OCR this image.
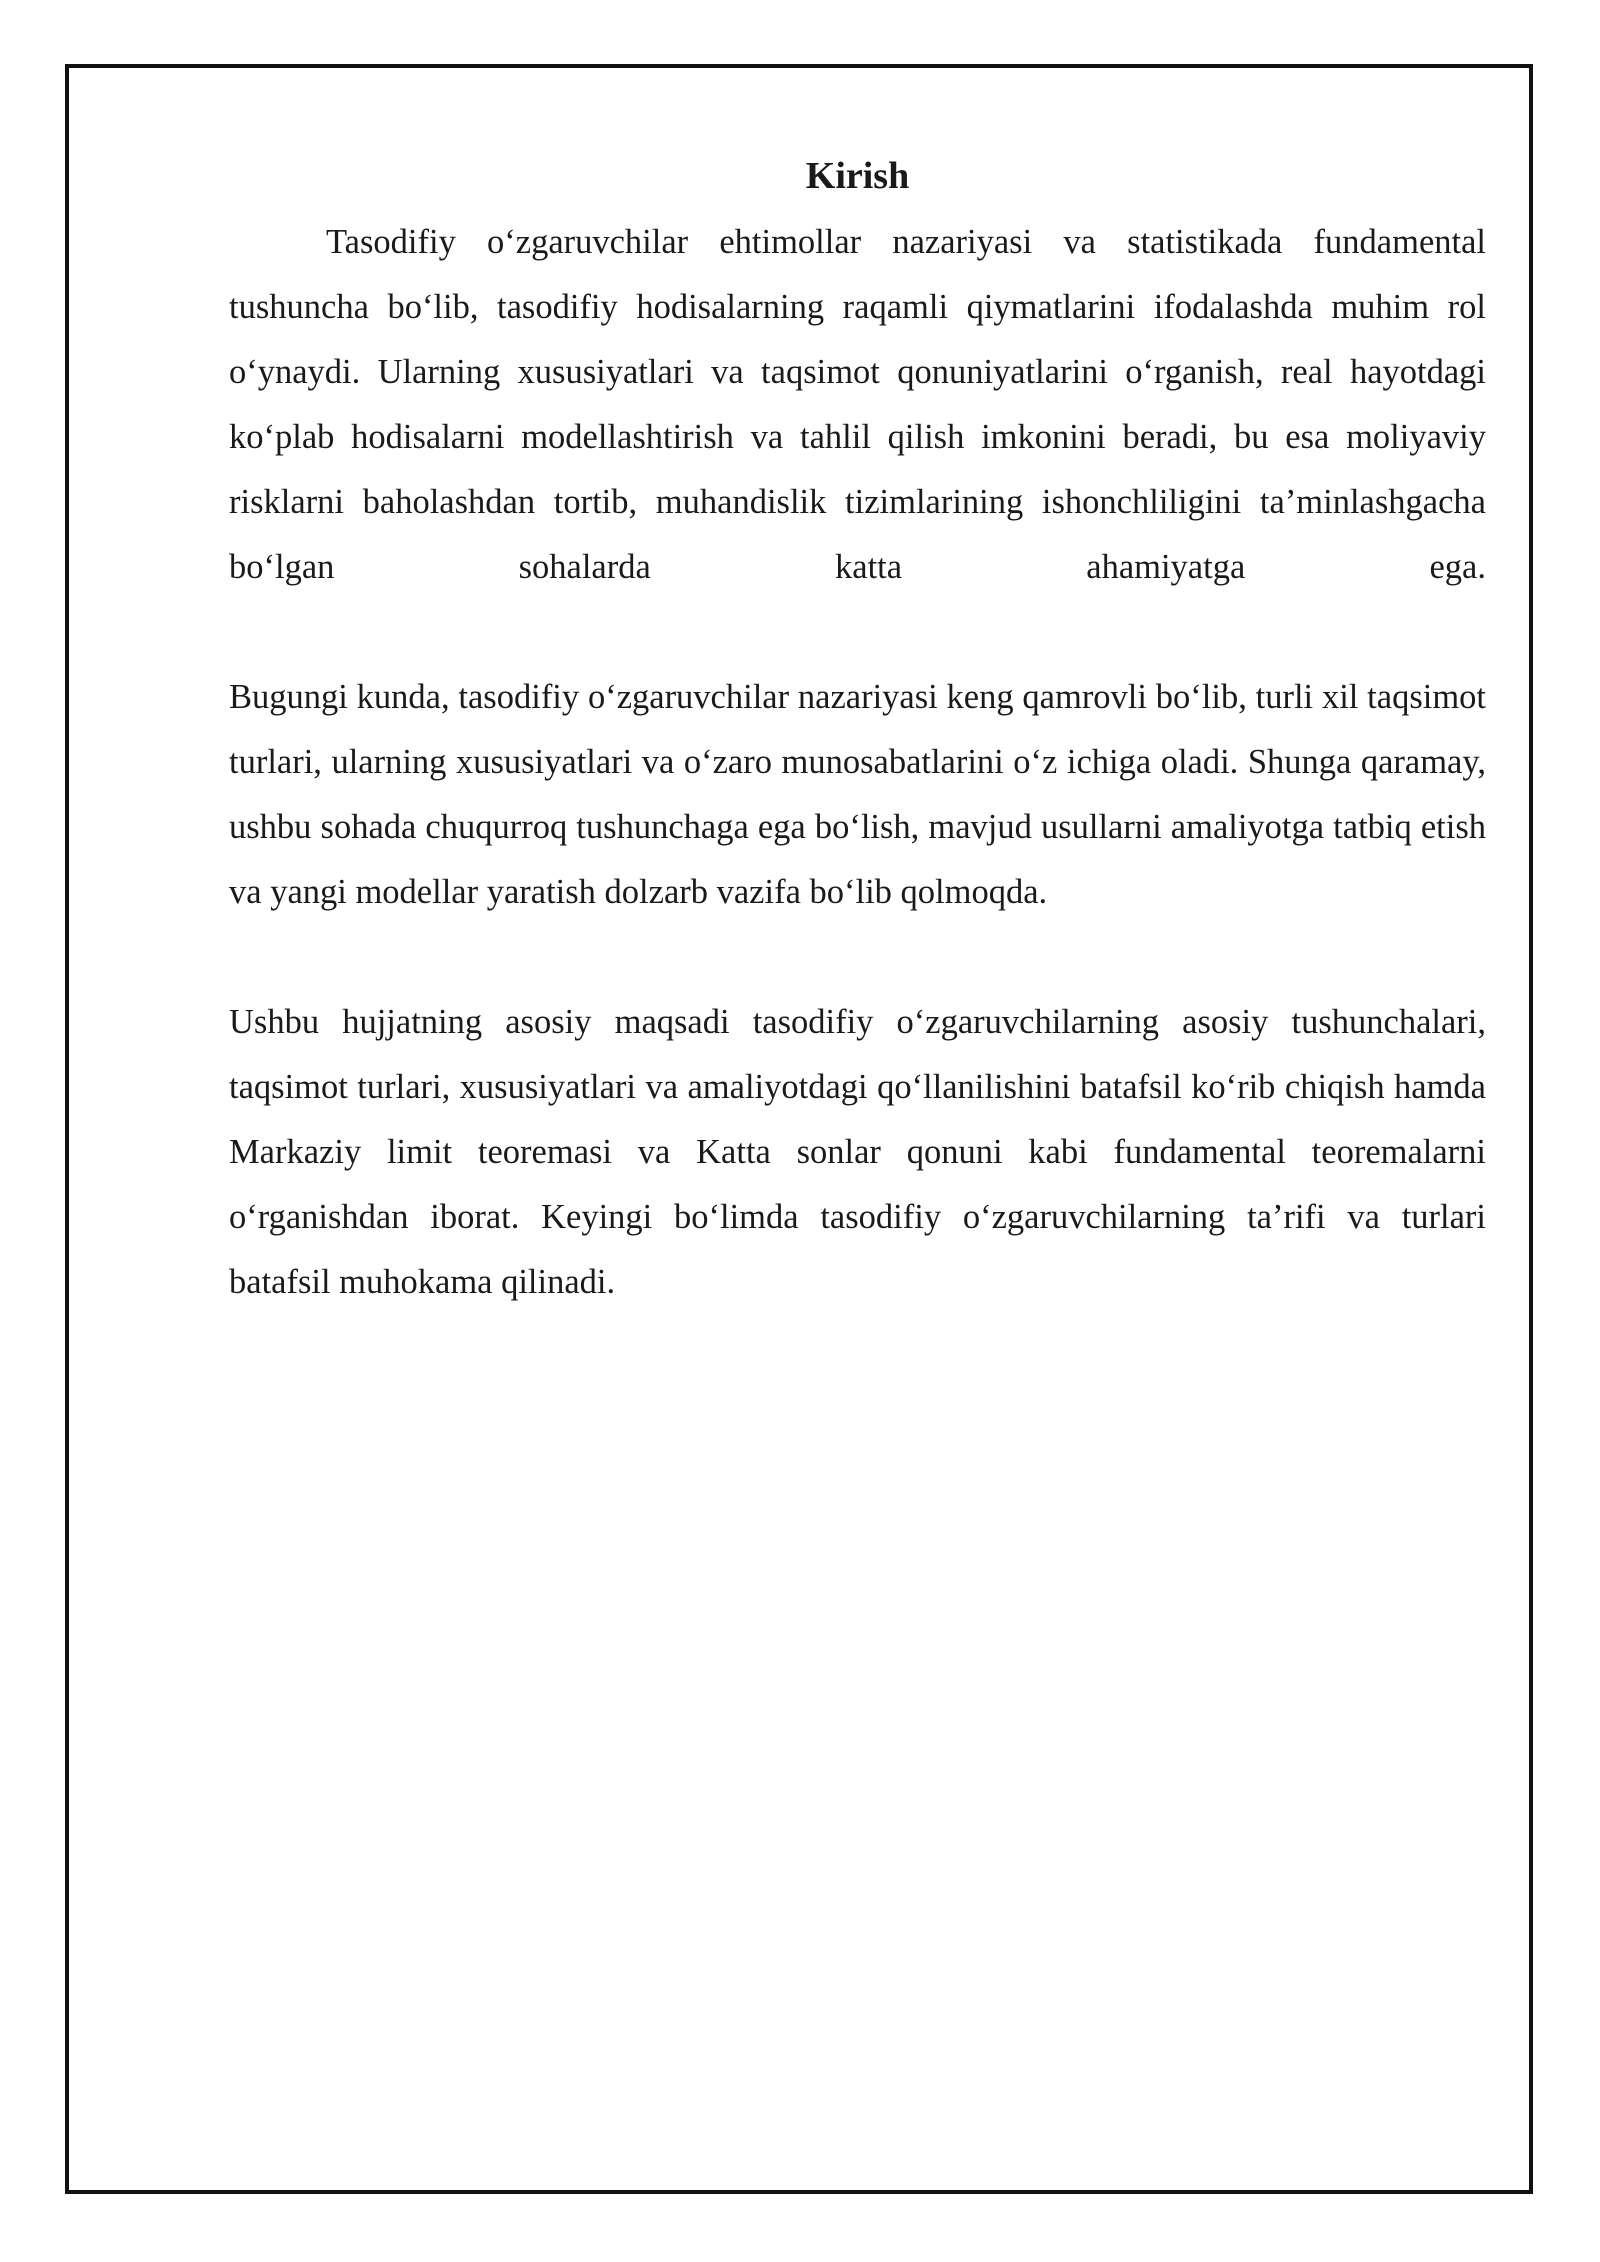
Kirish

Tasodifiy o‘zgaruvchilar ehtimollar nazariyasi va statistikada fundamental tushuncha bo‘lib, tasodifiy hodisalarning raqamli qiymatlarini ifodalashda muhim rol o‘ynaydi. Ularning xususiyatlari va taqsimot qonuniyatlarini o‘rganish, real hayotdagi ko‘plab hodisalarni modellashtirish va tahlil qilish imkonini beradi, bu esa moliyaviy risklarni baholashdan tortib, muhandislik tizimlarining ishonchliligini ta’minlashgacha bo‘lgan sohalarda katta ahamiyatga ega.

Bugungi kunda, tasodifiy o‘zgaruvchilar nazariyasi keng qamrovli bo‘lib, turli xil taqsimot turlari, ularning xususiyatlari va o‘zaro munosabatlarini o‘z ichiga oladi. Shunga qaramay, ushbu sohada chuqurroq tushunchaga ega bo‘lish, mavjud usullarni amaliyotga tatbiq etish va yangi modellar yaratish dolzarb vazifa bo‘lib qolmoqda.

Ushbu hujjatning asosiy maqsadi tasodifiy o‘zgaruvchilarning asosiy tushunchalari, taqsimot turlari, xususiyatlari va amaliyotdagi qo‘llanilishini batafsil ko‘rib chiqish hamda Markaziy limit teoremasi va Katta sonlar qonuni kabi fundamental teoremalarni o‘rganishdan iborat. Keyingi bo‘limda tasodifiy o‘zgaruvchilarning ta’rifi va turlari batafsil muhokama qilinadi.
